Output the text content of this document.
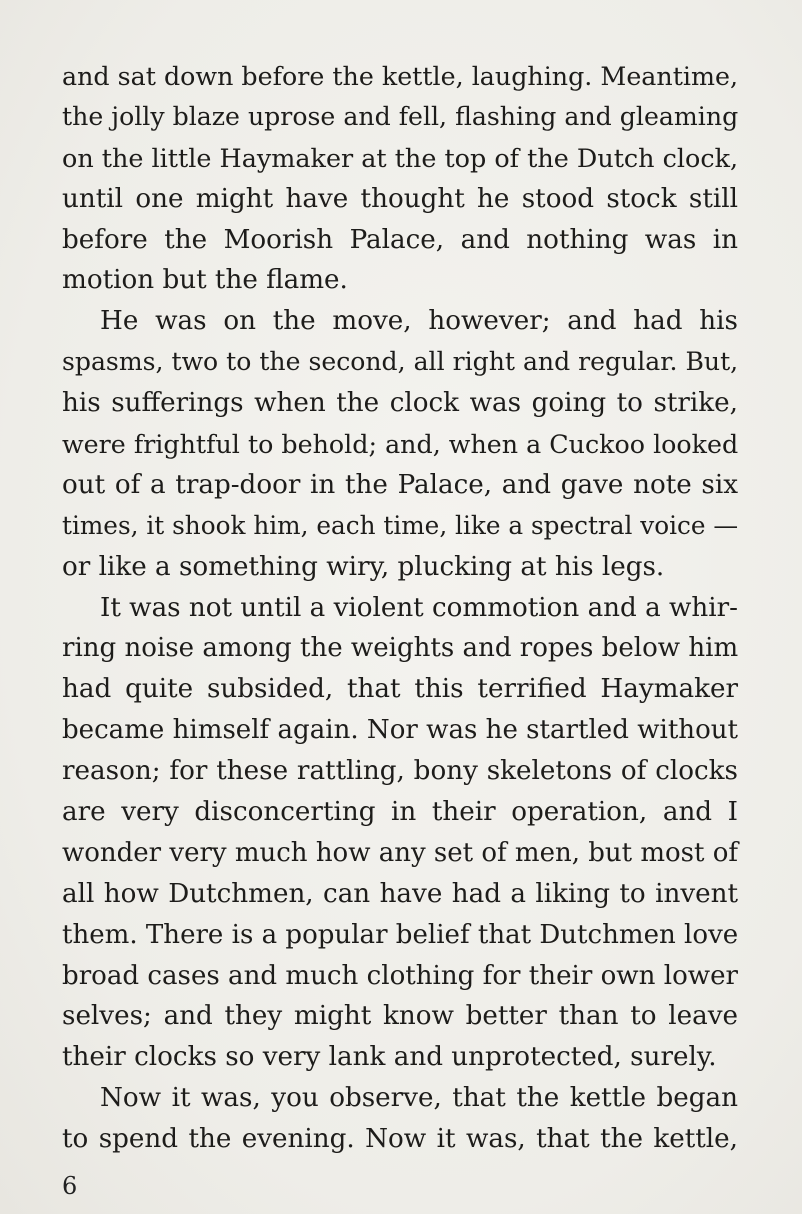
and sat down before the kettle, laughing. Meantime,
the jolly blaze uprose and fell, flashing and gleaming
on the little Haymaker at the top of the Dutch clock,
until one might have thought he stood stock still
before the Moorish Palace, and nothing was in
motion but the flame.

He was on the move, however; and had his
spasms, two to the second, all right and regular. But,
his sufferings when the clock was going to strike,
were frightful to behold; and, when a Cuckoo looked
out of a trap-door in the Palace, and gave note six
times, it shook him, each time, like a spectral voice —
or like a something wiry, plucking at his legs.

It was not until a violent commotion and a whir-
ring noise among the weights and ropes below him
had quite subsided, that this terrified Haymaker
became himself again. Nor was he startled without
reason; for these rattling, bony skeletons of clocks
are very disconcerting in their operation, and I
wonder very much how any set of men, but most of
all how Dutchmen, can have had a liking to invent
them. There is a popular belief that Dutchmen love
broad cases and much clothing for their own lower
selves; and they might know better than to leave
their clocks so very lank and unprotected, surely.

Now it was, you observe, that the kettle began
to spend the evening. Now it was, that the kettle,

6
